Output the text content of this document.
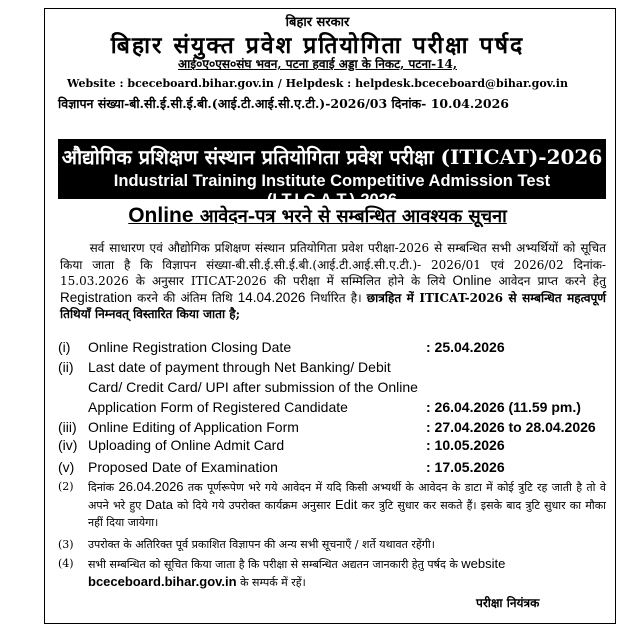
बिहार सरकार
बिहार संयुक्त प्रवेश प्रतियोगिता परीक्षा पर्षद
आई०ए०एस०संघ भवन, पटना हवाई अड्डा के निकट, पटना-14,
Website : bceceboard.bihar.gov.in / Helpdesk : helpdesk.bceceboard@bihar.gov.in
विज्ञापन संख्या-बी.सी.ई.सी.ई.बी.(आई.टी.आई.सी.ए.टी.)-2026/03 दिनांक- 10.04.2026
औद्योगिक प्रशिक्षण संस्थान प्रतियोगिता प्रवेश परीक्षा (ITICAT)-2026
Industrial Training Institute Competitive Admission Test (I.T.I.C.A.T.)-2026
Online आवेदन-पत्र भरने से सम्बन्धित आवश्यक सूचना
सर्व साधारण एवं औद्योगिक प्रशिक्षण संस्थान प्रतियोगिता प्रवेश परीक्षा-2026 से सम्बन्धित सभी अभ्यर्थियों को सूचित किया जाता है कि विज्ञापन संख्या-बी.सी.ई.सी.ई.बी.(आई.टी.आई.सी.ए.टी.)- 2026/01 एवं 2026/02 दिनांक- 15.03.2026 के अनुसार ITICAT-2026 की परीक्षा में सम्मिलित होने के लिये Online आवेदन प्राप्त करने हेतु Registration करने की अंतिम तिथि 14.04.2026 निर्धारित है। छात्रहित में ITICAT-2026 से सम्बन्धित महत्वपूर्ण तिथियाँ निम्नवत् विस्तारित किया जाता है;
(i) Online Registration Closing Date	: 25.04.2026
(ii) Last date of payment through Net Banking/ Debit
Card/ Credit Card/ UPI after submission of the Online
Application Form of Registered Candidate	: 26.04.2026 (11.59 pm.)
(iii) Online Editing of Application Form	: 27.04.2026 to 28.04.2026
(iv) Uploading of Online Admit Card	: 10.05.2026
(v) Proposed Date of Examination	: 17.05.2026
(2) दिनांक 26.04.2026 तक पूर्णरूपेण भरे गये आवेदन में यदि किसी अभ्यर्थी के आवेदन के डाटा में कोई त्रुटि रह जाती है तो वे अपने भरे हुए Data को दिये गये उपरोक्त कार्यक्रम अनुसार Edit कर त्रुटि सुधार कर सकते हैं। इसके बाद त्रुटि सुधार का मौका नहीं दिया जायेगा।
(3) उपरोक्त के अतिरिक्त पूर्व प्रकाशित विज्ञापन की अन्य सभी सूचनाएँ / शर्ते यथावत रहेंगी।
(4) सभी सम्बन्धित को सूचित किया जाता है कि परीक्षा से सम्बन्धित अद्यतन जानकारी हेतु पर्षद के website
bceceboard.bihar.gov.in के सम्पर्क में रहें।
परीक्षा नियंत्रक
